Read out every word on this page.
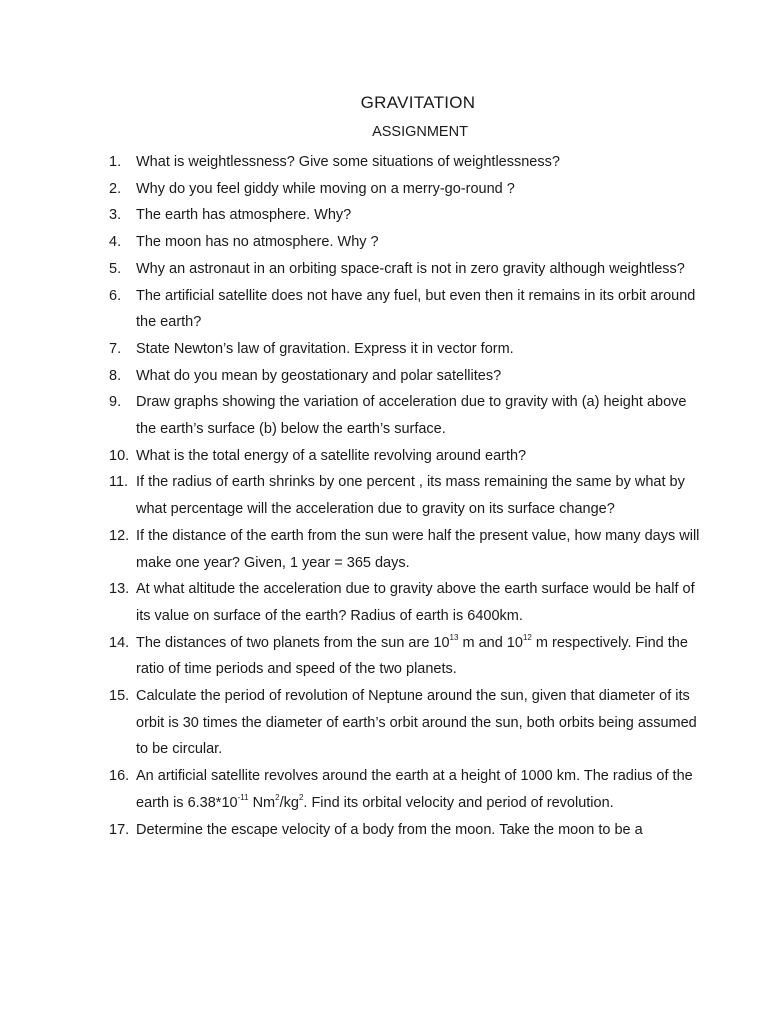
GRAVITATION
ASSIGNMENT
1. What is weightlessness? Give some situations of weightlessness?
2. Why do you feel giddy while moving on a merry-go-round ?
3. The earth has atmosphere. Why?
4. The moon has no atmosphere. Why ?
5. Why an astronaut in an orbiting space-craft is not in zero gravity although weightless?
6. The artificial satellite does not have any fuel, but even then it remains in its orbit around the earth?
7. State Newton’s law of gravitation. Express it in vector form.
8. What do you mean by geostationary and polar satellites?
9. Draw graphs showing the variation of acceleration due to gravity with (a) height above the earth’s surface (b) below the earth’s surface.
10. What is the total energy of a satellite revolving around earth?
11. If the radius of earth shrinks by one percent , its mass remaining the same by what by what percentage will the acceleration due to gravity on its surface change?
12. If the distance of the earth from the sun were half the present value, how many days will make one year? Given, 1 year = 365 days.
13. At what altitude the acceleration due to gravity above the earth surface would be half of its value on surface of the earth? Radius of earth is 6400km.
14. The distances of two planets from the sun are $10^{13}$ m and $10^{12}$ m respectively. Find the ratio of time periods and speed of the two planets.
15. Calculate the period of revolution of Neptune around the sun, given that diameter of its orbit is 30 times the diameter of earth’s orbit around the sun, both orbits being assumed to be circular.
16. An artificial satellite revolves around the earth at a height of 1000 km. The radius of the earth is $6.38*10^{-11}$ $Nm^2/kg^2$. Find its orbital velocity and period of revolution.
17. Determine the escape velocity of a body from the moon. Take the moon to be a
